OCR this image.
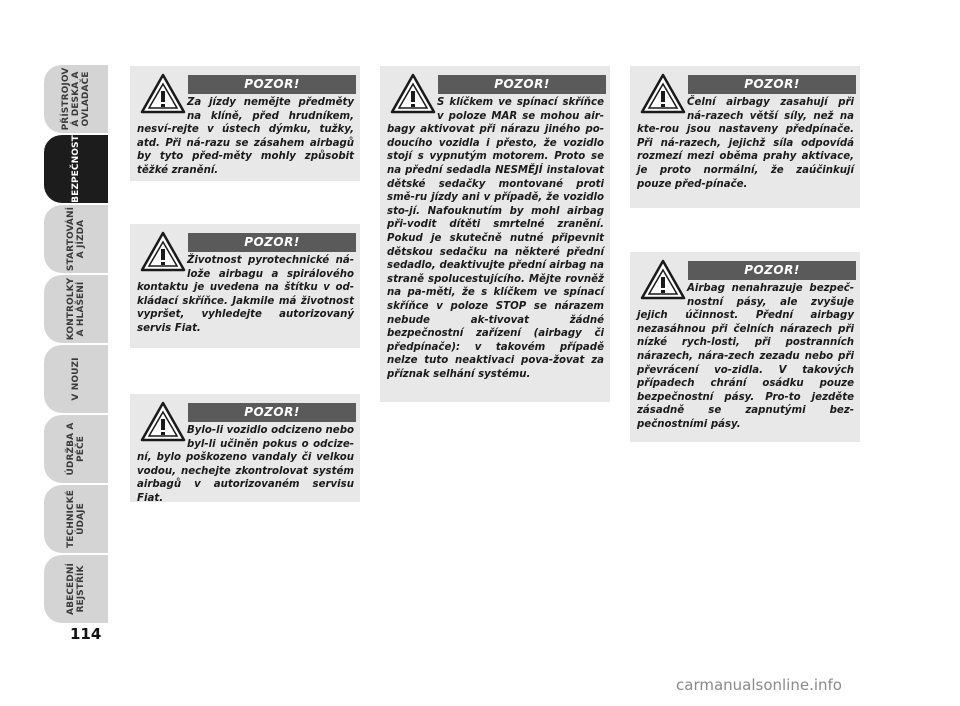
PŘÍSTROJOV
Á DESKA A
OVLADAČE
BEZPEČNOST
STARTOVÁNÍ
A JÍZDA
KONTROLKY
A HLÁŠENÍ
V NOUZI
ÚDRŽBA A
PÉČE
TECHNICKÉ
ÚDAJE
ABECEDNÍ
REJSTŘÍK
114
POZOR!

Za jízdy nemějte předměty na klíně, před hrudníkem, nesví-rejte v ústech dýmku, tužky, atd. Při ná-razu se zásahem airbagů by tyto před-měty mohly způsobit těžké zranění.

POZOR!

Životnost pyrotechnické ná-lože airbagu a spirálového kontaktu je uvedena na štítku v od-kládací skříňce. Jakmile má životnost vypršet, vyhledejte autorizovaný servis Fiat.

POZOR!

Bylo-li vozidlo odcizeno nebo byl-li učiněn pokus o odcize-ní, bylo poškozeno vandaly či velkou vodou, nechejte zkontrolovat systém airbagů v autorizovaném servisu Fiat.

POZOR!

S klíčkem ve spínací skříňce v poloze MAR se mohou air-bagy aktivovat při nárazu jiného po-doucího vozidla i přesto, že vozidlo stojí s vypnutým motorem. Proto se na přední sedadla NESMĚJÍ instalovat dětské sedačky montované proti smě-ru jízdy ani v případě, že vozidlo sto-jí. Nafouknutím by mohl airbag při-vodit dítěti smrtelné zranění. Pokud je skutečně nutné připevnit dětskou sedačku na některé přední sedadlo, deaktivujte přední airbag na straně spolucestujícího. Mějte rovněž na pa-měti, že s klíčkem ve spínací skříňce v poloze STOP se nárazem nebude ak-tivovat žádné bezpečnostní zařízení (airbagy či předpínače): v takovém případě nelze tuto neaktivaci pova-žovat za příznak selhání systému.

POZOR!

Čelní airbagy zasahují při ná-razech větší síly, než na kte-rou jsou nastaveny předpínače. Při ná-razech, jejichž síla odpovídá rozmezí mezi oběma prahy aktivace, je proto normální, že zaúčinkují pouze před-pínače.

POZOR!

Airbag nenahrazuje bezpeč-nostní pásy, ale zvyšuje jejich účinnost. Přední airbagy nezasáhnou při čelních nárazech při nízké rych-losti, při postranních nárazech, nára-zech zezadu nebo při převrácení vo-zidla. V takových případech chrání osádku pouze bezpečnostní pásy. Pro-to jezděte zásadně se zapnutými bez-pečnostními pásy.

carmanualsonline.info
